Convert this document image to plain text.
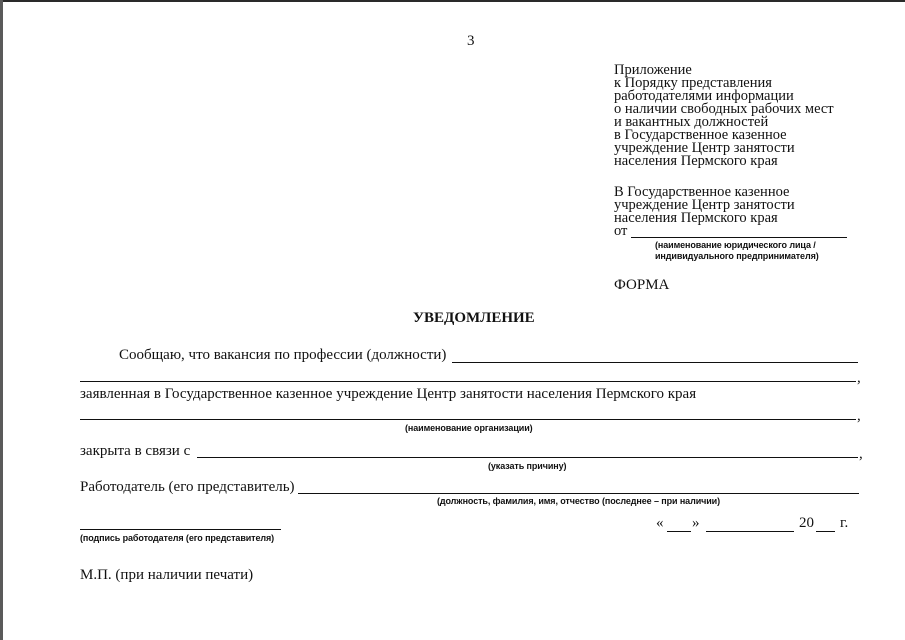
3
Приложение
к Порядку представления
работодателями информации
о наличии свободных рабочих мест
и вакантных должностей
в Государственное казенное
учреждение Центр занятости
населения Пермского края
В Государственное казенное
учреждение Центр занятости
населения Пермского края
от
(наименование юридического лица /
индивидуального предпринимателя)
ФОРМА
УВЕДОМЛЕНИЕ
Сообщаю, что вакансия по профессии (должности)
,
заявленная в Государственное казенное учреждение Центр занятости населения Пермского края
,
(наименование организации)
закрыта в связи с	,
(указать причину)
Работодатель (его представитель)
(должность, фамилия, имя, отчество (последнее – при наличии)
(подпись работодателя (его представителя)
« »	20 г.
М.П. (при наличии печати)
